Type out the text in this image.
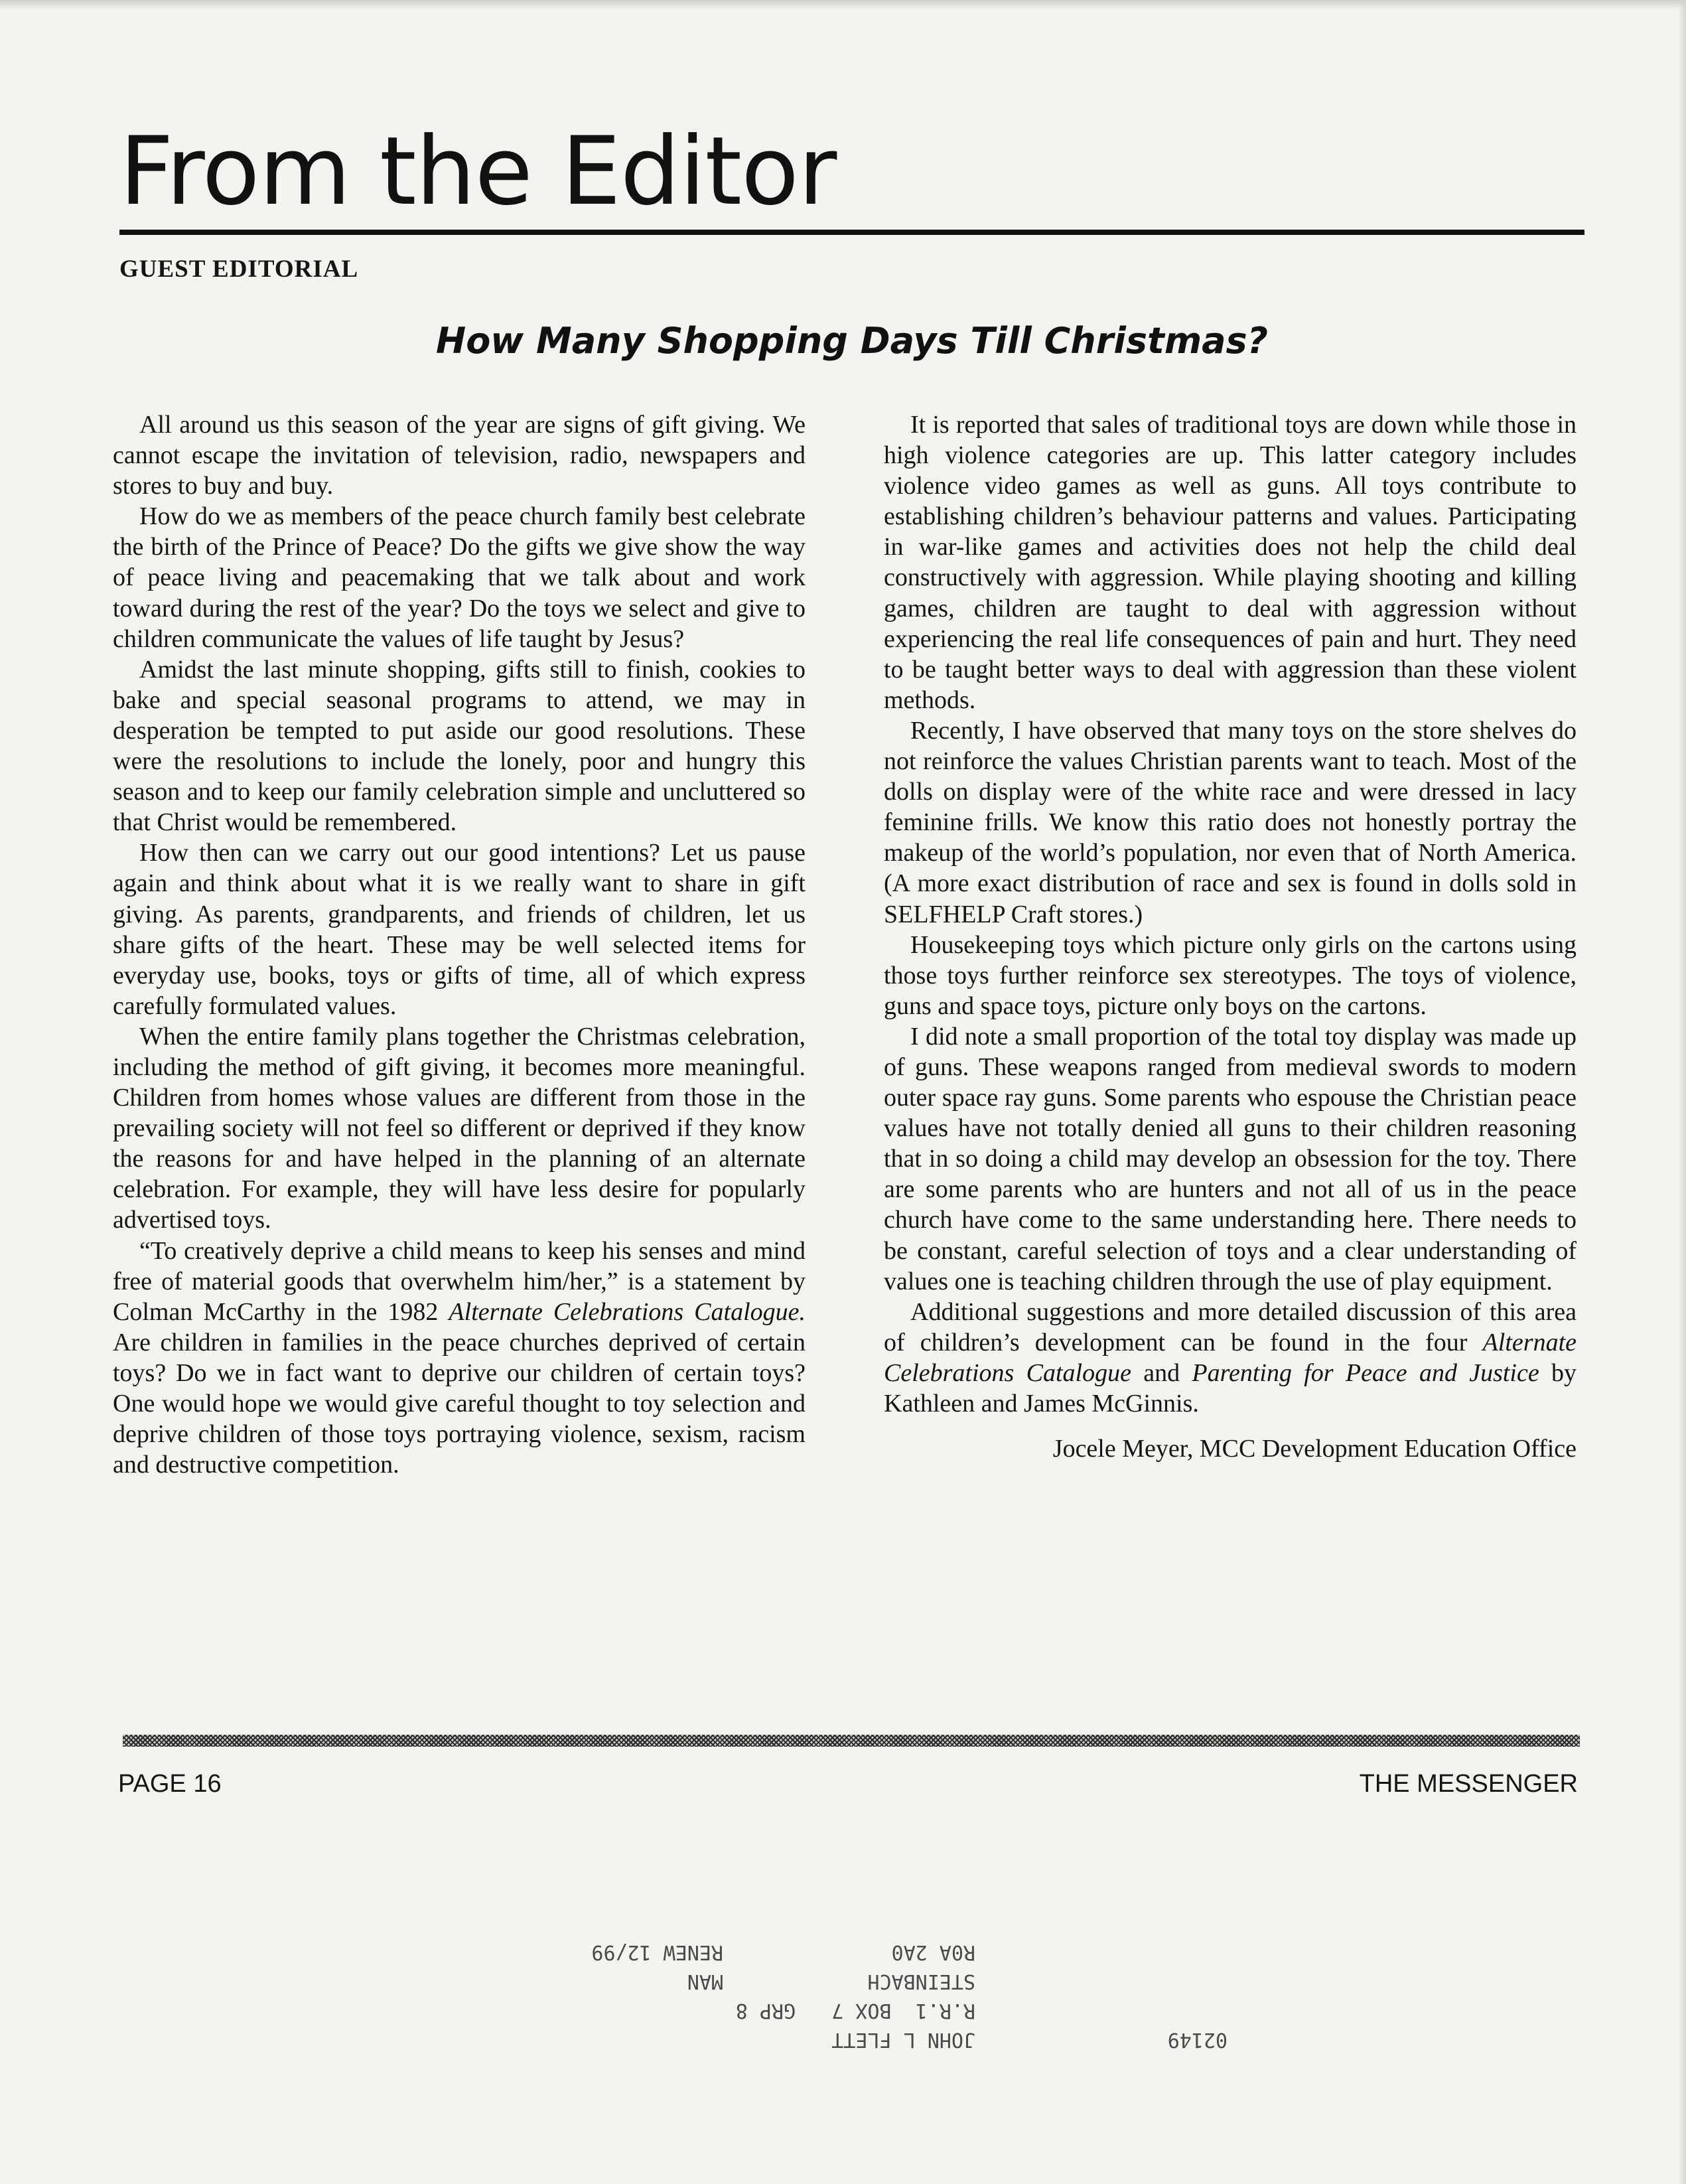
From the Editor
GUEST EDITORIAL
How Many Shopping Days Till Christmas?

All around us this season of the year are signs of gift giving. We cannot escape the invitation of television, radio, newspapers and stores to buy and buy.

How do we as members of the peace church family best celebrate the birth of the Prince of Peace? Do the gifts we give show the way of peace living and peacemaking that we talk about and work toward during the rest of the year? Do the toys we select and give to children communicate the values of life taught by Jesus?

Amidst the last minute shopping, gifts still to finish, cookies to bake and special seasonal programs to attend, we may in desperation be tempted to put aside our good resolutions. These were the resolutions to include the lonely, poor and hungry this season and to keep our family celebration simple and uncluttered so that Christ would be remembered.

How then can we carry out our good intentions? Let us pause again and think about what it is we really want to share in gift giving. As parents, grandparents, and friends of children, let us share gifts of the heart. These may be well selected items for everyday use, books, toys or gifts of time, all of which express carefully formulated values.

When the entire family plans together the Christmas celebration, including the method of gift giving, it becomes more meaningful. Children from homes whose values are different from those in the prevailing society will not feel so different or deprived if they know the reasons for and have helped in the planning of an alternate celebration. For example, they will have less desire for popularly advertised toys.

“To creatively deprive a child means to keep his senses and mind free of material goods that overwhelm him/her,” is a statement by Colman McCarthy in the 1982 Alternate Celebrations Catalogue. Are children in families in the peace churches deprived of certain toys? Do we in fact want to deprive our children of certain toys? One would hope we would give careful thought to toy selection and deprive children of those toys portraying violence, sexism, racism and destructive competition.

It is reported that sales of traditional toys are down while those in high violence categories are up. This latter category includes violence video games as well as guns. All toys contribute to establishing children’s behaviour patterns and values. Participating in war-like games and activities does not help the child deal constructively with aggression. While playing shooting and killing games, children are taught to deal with aggression without experiencing the real life consequences of pain and hurt. They need to be taught better ways to deal with aggression than these violent methods.

Recently, I have observed that many toys on the store shelves do not reinforce the values Christian parents want to teach. Most of the dolls on display were of the white race and were dressed in lacy feminine frills. We know this ratio does not honestly portray the makeup of the world’s population, nor even that of North America. (A more exact distribution of race and sex is found in dolls sold in SELFHELP Craft stores.)

Housekeeping toys which picture only girls on the cartons using those toys further reinforce sex stereotypes. The toys of violence, guns and space toys, picture only boys on the cartons.

I did note a small proportion of the total toy display was made up of guns. These weapons ranged from medieval swords to modern outer space ray guns. Some parents who espouse the Christian peace values have not totally denied all guns to their children reasoning that in so doing a child may develop an obsession for the toy. There are some parents who are hunters and not all of us in the peace church have come to the same understanding here. There needs to be constant, careful selection of toys and a clear understanding of values one is teaching children through the use of play equipment.

Additional suggestions and more detailed discussion of this area of children’s development can be found in the four Alternate Celebrations Catalogue and Parenting for Peace and Justice by Kathleen and James McGinnis.

Jocele Meyer, MCC Development Education Office

PAGE 16	THE MESSENGER
02149
JOHN L FLETT
R.R.1  BOX 7   GRP 8
STEINBACH
MAN
R0A 2A0
RENEW 12/99
